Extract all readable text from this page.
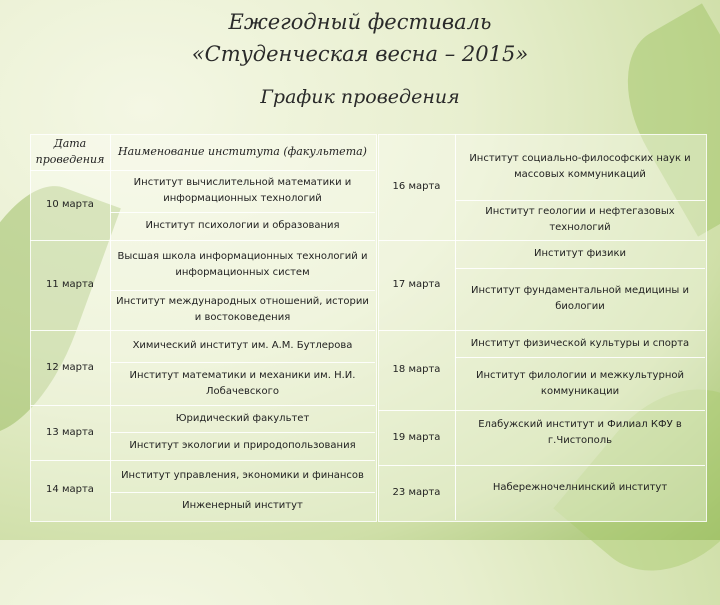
Ежегодный фестиваль
«Студенческая весна – 2015»
График проведения
Дата проведения
Наименование института (факультета)
10 марта
Институт вычислительной математики и информационных технологий
Институт психологии и образования
11 марта
Высшая школа информационных технологий и информационных систем
Институт международных отношений, истории и востоковедения
12 марта
Химический институт им. А.М. Бутлерова
Институт математики и механики им. Н.И. Лобачевского
13 марта
Юридический факультет
Институт экологии и природопользования
14 марта
Институт управления, экономики и финансов
Инженерный институт
16 марта
Институт социально-философских наук и массовых коммуникаций
Институт геологии и нефтегазовых технологий
17 марта
Институт физики
Институт фундаментальной медицины и биологии
18 марта
Институт физической культуры и спорта
Институт филологии и межкультурной коммуникации
19 марта
Елабужский институт и Филиал КФУ в г.Чистополь
23 марта	Набережночелнинский институт
